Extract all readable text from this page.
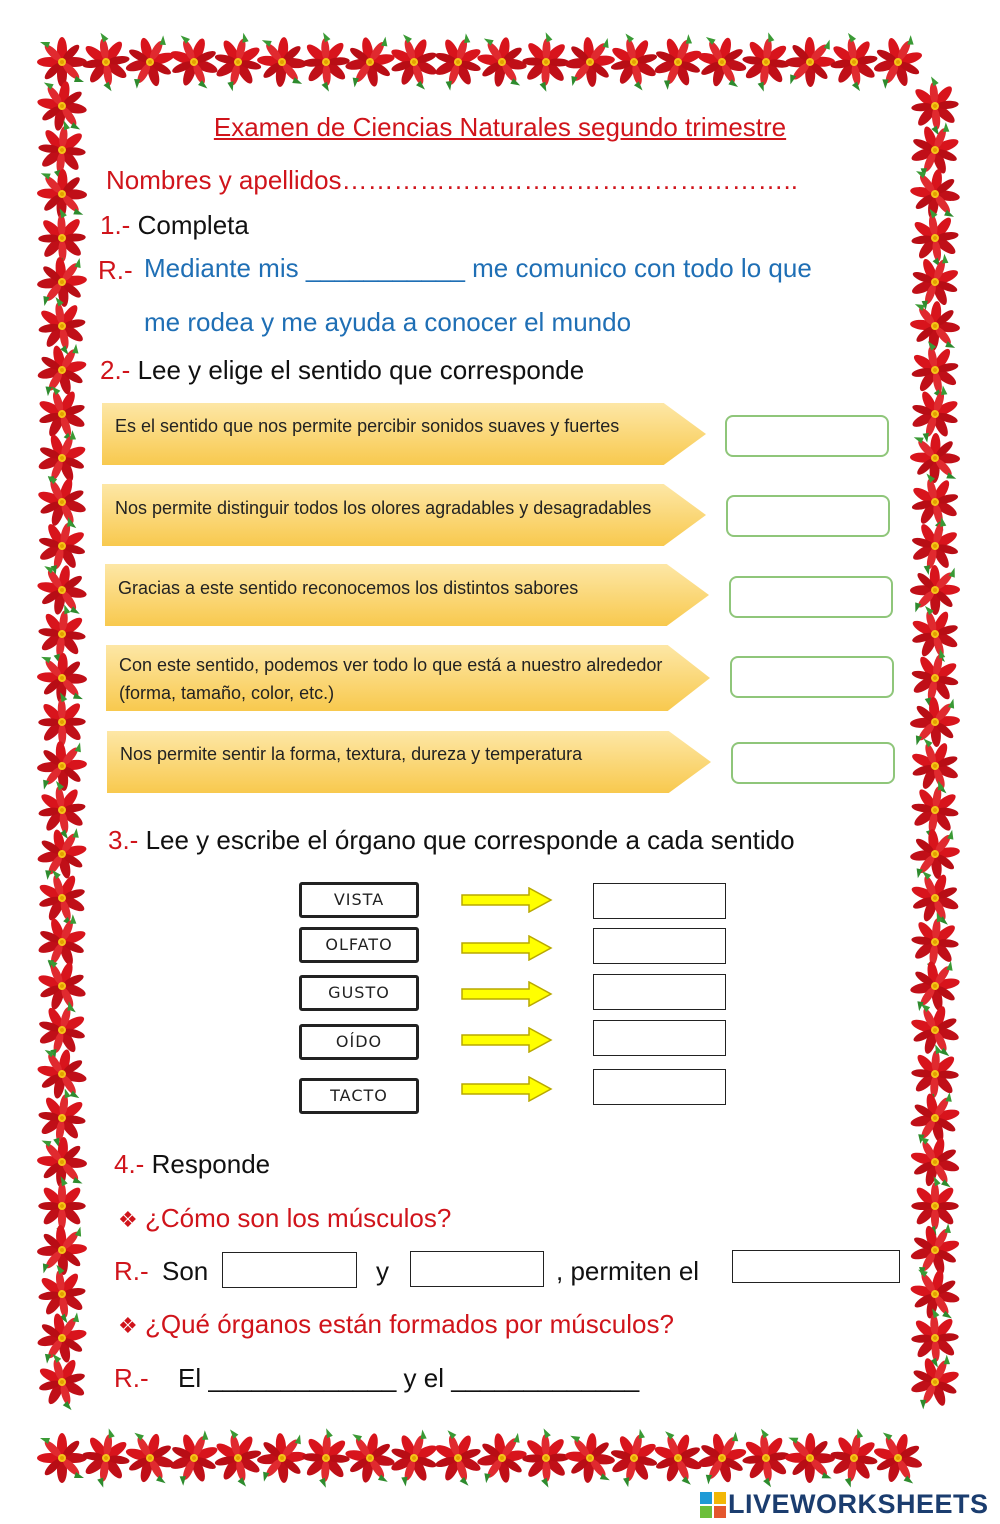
Examen de Ciencias Naturales segundo trimestre
Nombres y apellidos……………………………………………..
1.- Completa
R.- Mediante mis ___________ me comunico con todo lo que
me rodea y me ayuda a conocer el mundo
2.- Lee y elige el sentido que corresponde
Es el sentido que nos permite percibir sonidos suaves y fuertes
Nos permite distinguir todos los olores agradables y desagradables
Gracias a este sentido reconocemos los distintos sabores
Con este sentido, podemos ver todo lo que está a nuestro alrededor
(forma, tamaño, color, etc.)
Nos permite sentir la forma, textura, dureza y temperatura
3.- Lee y escribe el órgano que corresponde a cada sentido
VISTA
OLFATO
GUSTO
OÍDO
TACTO
4.- Responde
❖ ¿Cómo son los músculos?
R.- Son	y	, permiten el
❖ ¿Qué órganos están formados por músculos?
R.- El _____________ y el _____________
LIVEWORKSHEETS
